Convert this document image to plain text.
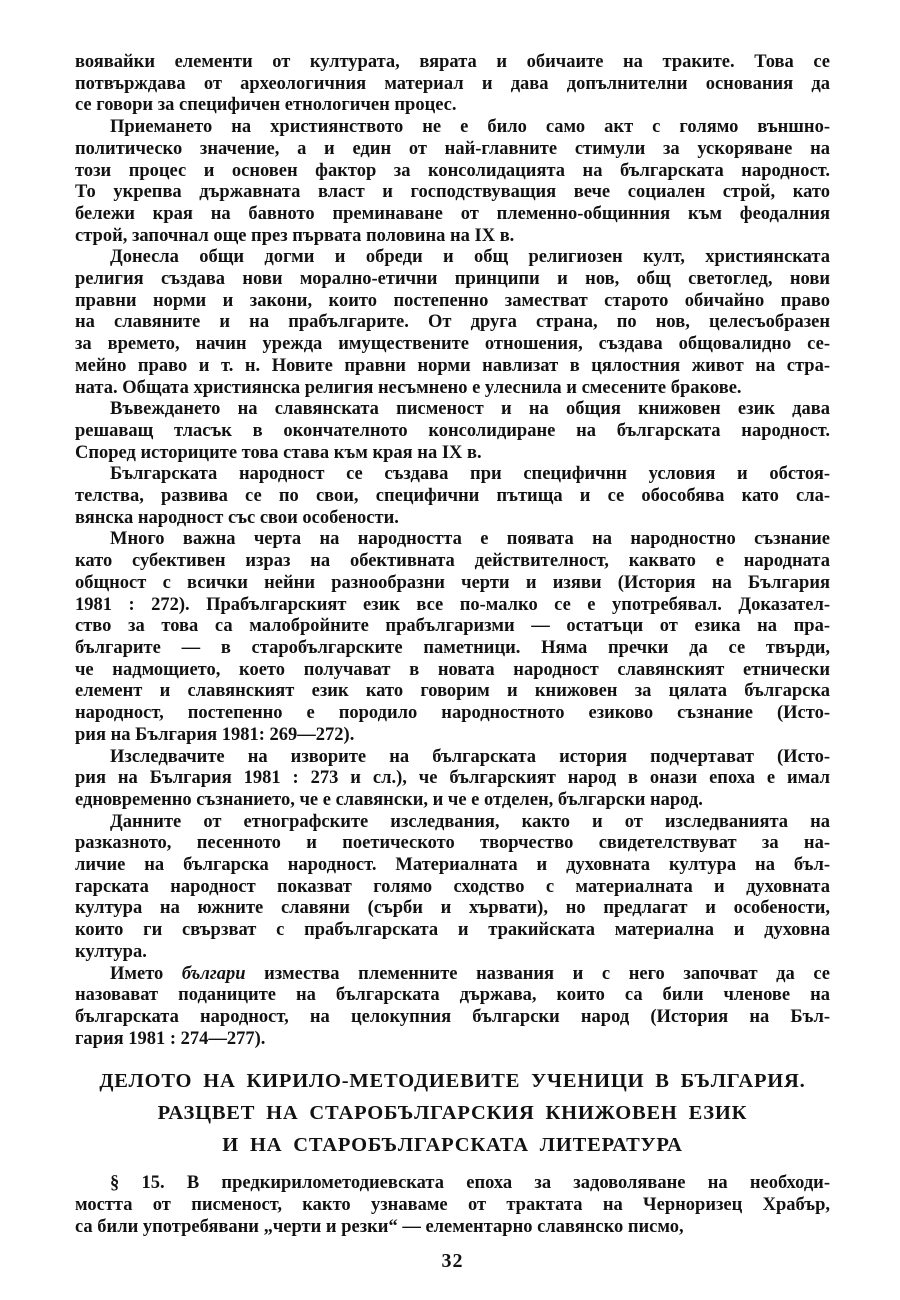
воявайки елементи от културата, вярата и обичаите на траките. Това се
потвърждава от археологичния материал и дава допълнителни основания да
се говори за специфичен етнологичен процес.

Приемането на християнството не е било само акт с голямо външно-
политическо значение, а и един от най-главните стимули за ускоряване на
този процес и основен фактор за консолидацията на българската народност.
То укрепва държавната власт и господствуващия вече социален строй, като
бележи края на бавното преминаване от племенно-общинния към феодалния
строй, започнал още през първата половина на IX в.

Донесла общи догми и обреди и общ религиозен култ, християнската
религия създава нови морално-етични принципи и нов, общ светоглед, нови
правни норми и закони, които постепенно заместват старото обичайно право
на славяните и на прабългарите. От друга страна, по нов, целесъобразен
за времето, начин урежда имуществените отношения, създава общовалидно се-
мейно право и т. н. Новите правни норми навлизат в цялостния живот на стра-
ната. Общата християнска религия несъмнено е улеснила и смесените бракове.

Въвеждането на славянската писменост и на общия книжовен език дава
решаващ тласък в окончателното консолидиране на българската народност.
Според историците това става към края на IX в.

Българската народност се създава при специфичнн условия и обстоя-
телства, развива се по свои, специфични пътища и се обособява като сла-
вянска народност със свои особености.

Много важна черта на народността е появата на народностно съзнание
като субективен израз на обективната действителност, каквато е народната
общност с всички нейни разнообразни черти и изяви (История на България
1981 : 272). Прабългарският език все по-малко се е употребявал. Доказател-
ство за това са малобройните прабългаризми — остатъци от езика на пра-
българите — в старобългарските паметници. Няма пречки да се твърди,
че надмощието, което получават в новата народност славянският етнически
елемент и славянският език като говорим и книжовен за цялата българска
народност, постепенно е породило народностното езиково съзнание (Исто-
рия на България 1981: 269—272).

Изследвачите на изворите на българската история подчертават (Исто-
рия на България 1981 : 273 и сл.), че българският народ в онази епоха е имал
едновременно съзнанието, че е славянски, и че е отделен, български народ.

Данните от етнографските изследвания, както и от изследванията на
разказното, песенното и поетическото творчество свидетелствуват за на-
личие на българска народност. Материалната и духовната култура на бъл-
гарската народност показват голямо сходство с материалната и духовната
култура на южните славяни (сърби и хървати), но предлагат и особености,
които ги свързват с прабългарската и тракийската материална и духовна
култура.

Името българи измества племенните названия и с него започват да се
назовават поданиците на българската държава, които са били членове на
българската народност, на целокупния български народ (История на Бъл-
гария 1981 : 274—277).

ДЕЛОТО НА КИРИЛО-МЕТОДИЕВИТЕ УЧЕНИЦИ В БЪЛГАРИЯ.
РАЗЦВЕТ НА СТАРОБЪЛГАРСКИЯ КНИЖОВЕН ЕЗИК
И НА СТАРОБЪЛГАРСКАТА ЛИТЕРАТУРА

§ 15. В предкирилометодиевската епоха за задоволяване на необходи-
мостта от писменост, както узнаваме от трактата на Черноризец Храбър,
са били употребявани „черти и резки“ — елементарно славянско писмо,

32
